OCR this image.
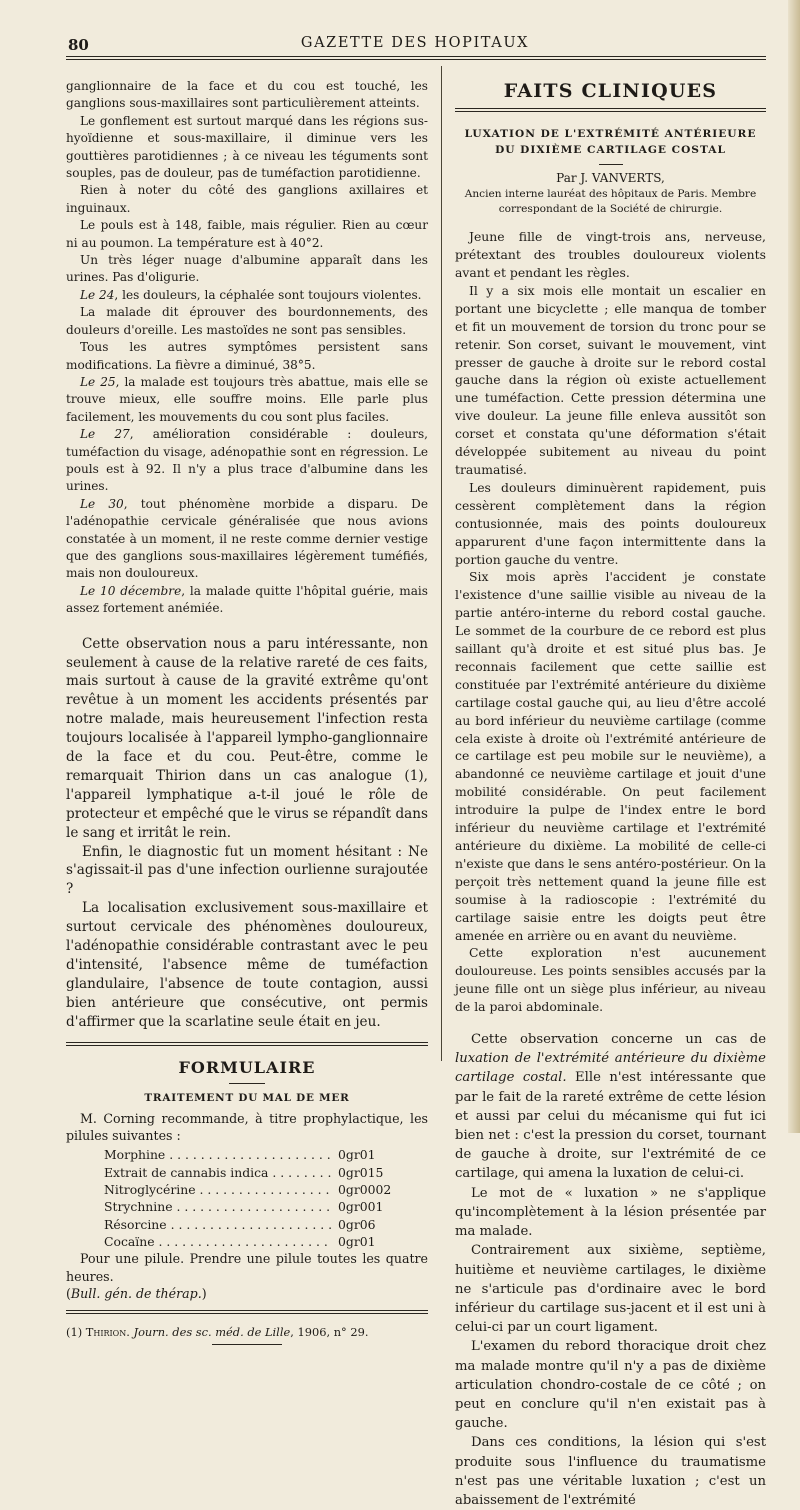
80	GAZETTE DES HOPITAUX

ganglionnaire de la face et du cou est touché, les ganglions sous-maxillaires sont particulièrement atteints.

Le gonflement est surtout marqué dans les régions sus-hyoïdienne et sous-maxillaire, il diminue vers les gouttières parotidiennes ; à ce niveau les téguments sont souples, pas de douleur, pas de tuméfaction parotidienne.

Rien à noter du côté des ganglions axillaires et inguinaux.

Le pouls est à 148, faible, mais régulier. Rien au cœur ni au poumon. La température est à 40°2.

Un très léger nuage d'albumine apparaît dans les urines. Pas d'oligurie.

Le 24, les douleurs, la céphalée sont toujours violentes.

La malade dit éprouver des bourdonnements, des douleurs d'oreille. Les mastoïdes ne sont pas sensibles.

Tous les autres symptômes persistent sans modifications. La fièvre a diminué, 38°5.

Le 25, la malade est toujours très abattue, mais elle se trouve mieux, elle souffre moins. Elle parle plus facilement, les mouvements du cou sont plus faciles.

Le 27, amélioration considérable : douleurs, tuméfaction du visage, adénopathie sont en régression. Le pouls est à 92. Il n'y a plus trace d'albumine dans les urines.

Le 30, tout phénomène morbide a disparu. De l'adénopathie cervicale généralisée que nous avions constatée à un moment, il ne reste comme dernier vestige que des ganglions sous-maxillaires légèrement tuméfiés, mais non douloureux.

Le 10 décembre, la malade quitte l'hôpital guérie, mais assez fortement anémiée.

Cette observation nous a paru intéressante, non seulement à cause de la relative rareté de ces faits, mais surtout à cause de la gravité extrême qu'ont revêtue à un moment les accidents présentés par notre malade, mais heureusement l'infection resta toujours localisée à l'appareil lympho-ganglionnaire de la face et du cou. Peut-être, comme le remarquait Thirion dans un cas analogue (1), l'appareil lymphatique a-t-il joué le rôle de protecteur et empêché que le virus se répandît dans le sang et irritât le rein.

Enfin, le diagnostic fut un moment hésitant : Ne s'agissait-il pas d'une infection ourlienne surajoutée ?

La localisation exclusivement sous-maxillaire et surtout cervicale des phénomènes douloureux, l'adénopathie considérable contrastant avec le peu d'intensité, l'absence même de tuméfaction glandulaire, l'absence de toute contagion, aussi bien antérieure que consécutive, ont permis d'affirmer que la scarlatine seule était en jeu.

FORMULAIRE
TRAITEMENT DU MAL DE MER

M. Corning recommande, à titre prophylactique, les pilules suivantes :

Morphine . . .	0gr01
Extrait de cannabis indica . . .	0gr015
Nitroglycérine . . .	0gr0002
Strychnine . . .	0gr001
Résorcine . . .	0gr06
Cocaïne . . .	0gr01

Pour une pilule. Prendre une pilule toutes les quatre heures.

(Bull. gén. de thérap.)

(1) Thirion. Journ. des sc. méd. de Lille, 1906, n° 29.
FAITS CLINIQUES
LUXATION DE L'EXTRÉMITÉ ANTÉRIEURE DU DIXIÈME CARTILAGE COSTAL
Par J. VANVERTS,
Ancien interne lauréat des hôpitaux de Paris. Membre correspondant de la Société de chirurgie.

Jeune fille de vingt-trois ans, nerveuse, prétextant des troubles douloureux violents avant et pendant les règles.

Il y a six mois elle montait un escalier en portant une bicyclette ; elle manqua de tomber et fit un mouvement de torsion du tronc pour se retenir. Son corset, suivant le mouvement, vint presser de gauche à droite sur le rebord costal gauche dans la région où existe actuellement une tuméfaction. Cette pression détermina une vive douleur. La jeune fille enleva aussitôt son corset et constata qu'une déformation s'était développée subitement au niveau du point traumatisé.

Les douleurs diminuèrent rapidement, puis cessèrent complètement dans la région contusionnée, mais des points douloureux apparurent d'une façon intermittente dans la portion gauche du ventre.

Six mois après l'accident je constate l'existence d'une saillie visible au niveau de la partie antéro-interne du rebord costal gauche. Le sommet de la courbure de ce rebord est plus saillant qu'à droite et est situé plus bas. Je reconnais facilement que cette saillie est constituée par l'extrémité antérieure du dixième cartilage costal gauche qui, au lieu d'être accolé au bord inférieur du neuvième cartilage (comme cela existe à droite où l'extrémité antérieure de ce cartilage est peu mobile sur le neuvième), a abandonné ce neuvième cartilage et jouit d'une mobilité considérable. On peut facilement introduire la pulpe de l'index entre le bord inférieur du neuvième cartilage et l'extrémité antérieure du dixième. La mobilité de celle-ci n'existe que dans le sens antéro-postérieur. On la perçoit très nettement quand la jeune fille est soumise à la radioscopie : l'extrémité du cartilage saisie entre les doigts peut être amenée en arrière ou en avant du neuvième.

Cette exploration n'est aucunement douloureuse. Les points sensibles accusés par la jeune fille ont un siège plus inférieur, au niveau de la paroi abdominale.

Cette observation concerne un cas de luxation de l'extrémité antérieure du dixième cartilage costal. Elle n'est intéressante que par le fait de la rareté extrême de cette lésion et aussi par celui du mécanisme qui fut ici bien net : c'est la pression du corset, tournant de gauche à droite, sur l'extrémité de ce cartilage, qui amena la luxation de celui-ci.

Le mot de « luxation » ne s'applique qu'incomplètement à la lésion présentée par ma malade.

Contrairement aux sixième, septième, huitième et neuvième cartilages, le dixième ne s'articule pas d'ordinaire avec le bord inférieur du cartilage sus-jacent et il est uni à celui-ci par un court ligament.

L'examen du rebord thoracique droit chez ma malade montre qu'il n'y a pas de dixième articulation chondro-costale de ce côté ; on peut en conclure qu'il n'en existait pas à gauche.

Dans ces conditions, la lésion qui s'est produite sous l'influence du traumatisme n'est pas une véritable luxation ; c'est un abaissement de l'extrémité
